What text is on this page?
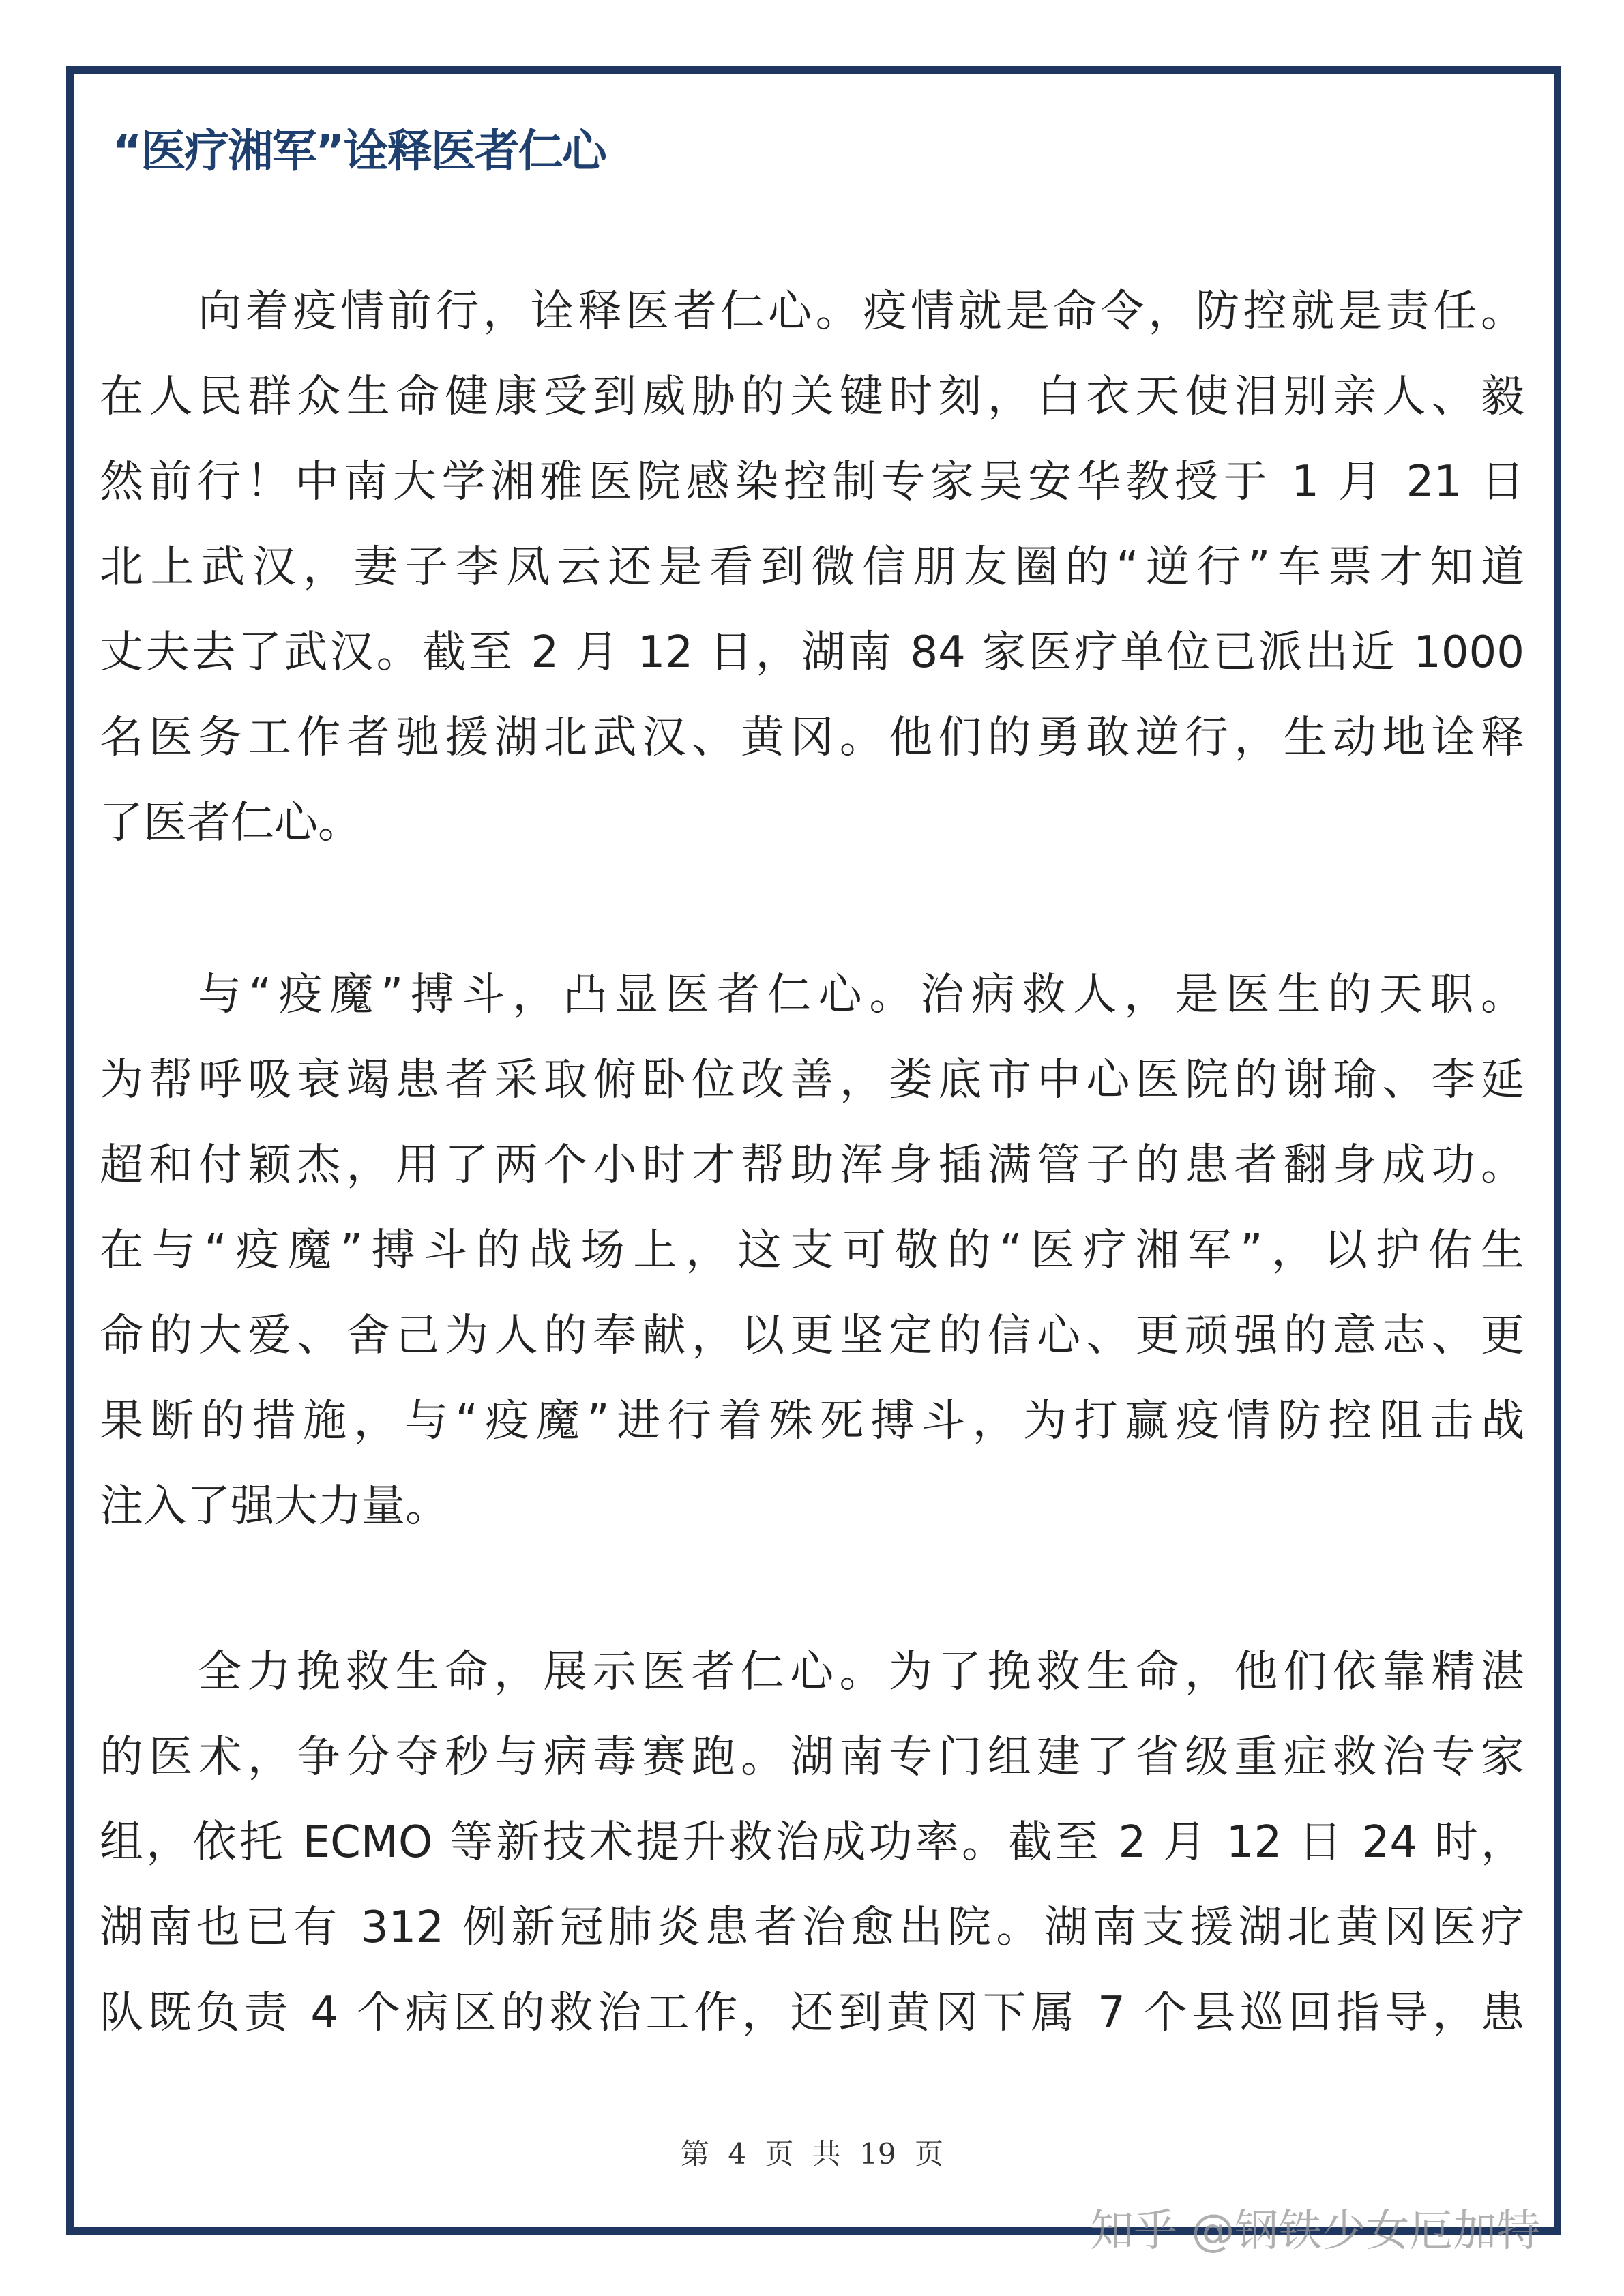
“医疗湘军”诠释医者仁心
向着疫情前行，诠释医者仁心。疫情就是命令，防控就是责任。
在人民群众生命健康受到威胁的关键时刻，白衣天使泪别亲人、毅
然前行！中南大学湘雅医院感染控制专家吴安华教授于 1 月 21 日
北上武汉，妻子李凤云还是看到微信朋友圈的“逆行”车票才知道
丈夫去了武汉。截至 2 月 12 日，湖南 84 家医疗单位已派出近 1000
名医务工作者驰援湖北武汉、黄冈。他们的勇敢逆行，生动地诠释
了医者仁心。
与“疫魔”搏斗，凸显医者仁心。治病救人，是医生的天职。
为帮呼吸衰竭患者采取俯卧位改善，娄底市中心医院的谢瑜、李延
超和付颖杰，用了两个小时才帮助浑身插满管子的患者翻身成功。
在与“疫魔”搏斗的战场上，这支可敬的“医疗湘军”，以护佑生
命的大爱、舍己为人的奉献，以更坚定的信心、更顽强的意志、更
果断的措施，与“疫魔”进行着殊死搏斗，为打赢疫情防控阻击战
注入了强大力量。
全力挽救生命，展示医者仁心。为了挽救生命，他们依靠精湛
的医术，争分夺秒与病毒赛跑。湖南专门组建了省级重症救治专家
组，依托 ECMO 等新技术提升救治成功率。截至 2 月 12 日 24 时，
湖南也已有 312 例新冠肺炎患者治愈出院。湖南支援湖北黄冈医疗
队既负责 4 个病区的救治工作，还到黄冈下属 7 个县巡回指导，患
第 4 页 共 19 页
知乎 @钢铁少女厄加特
